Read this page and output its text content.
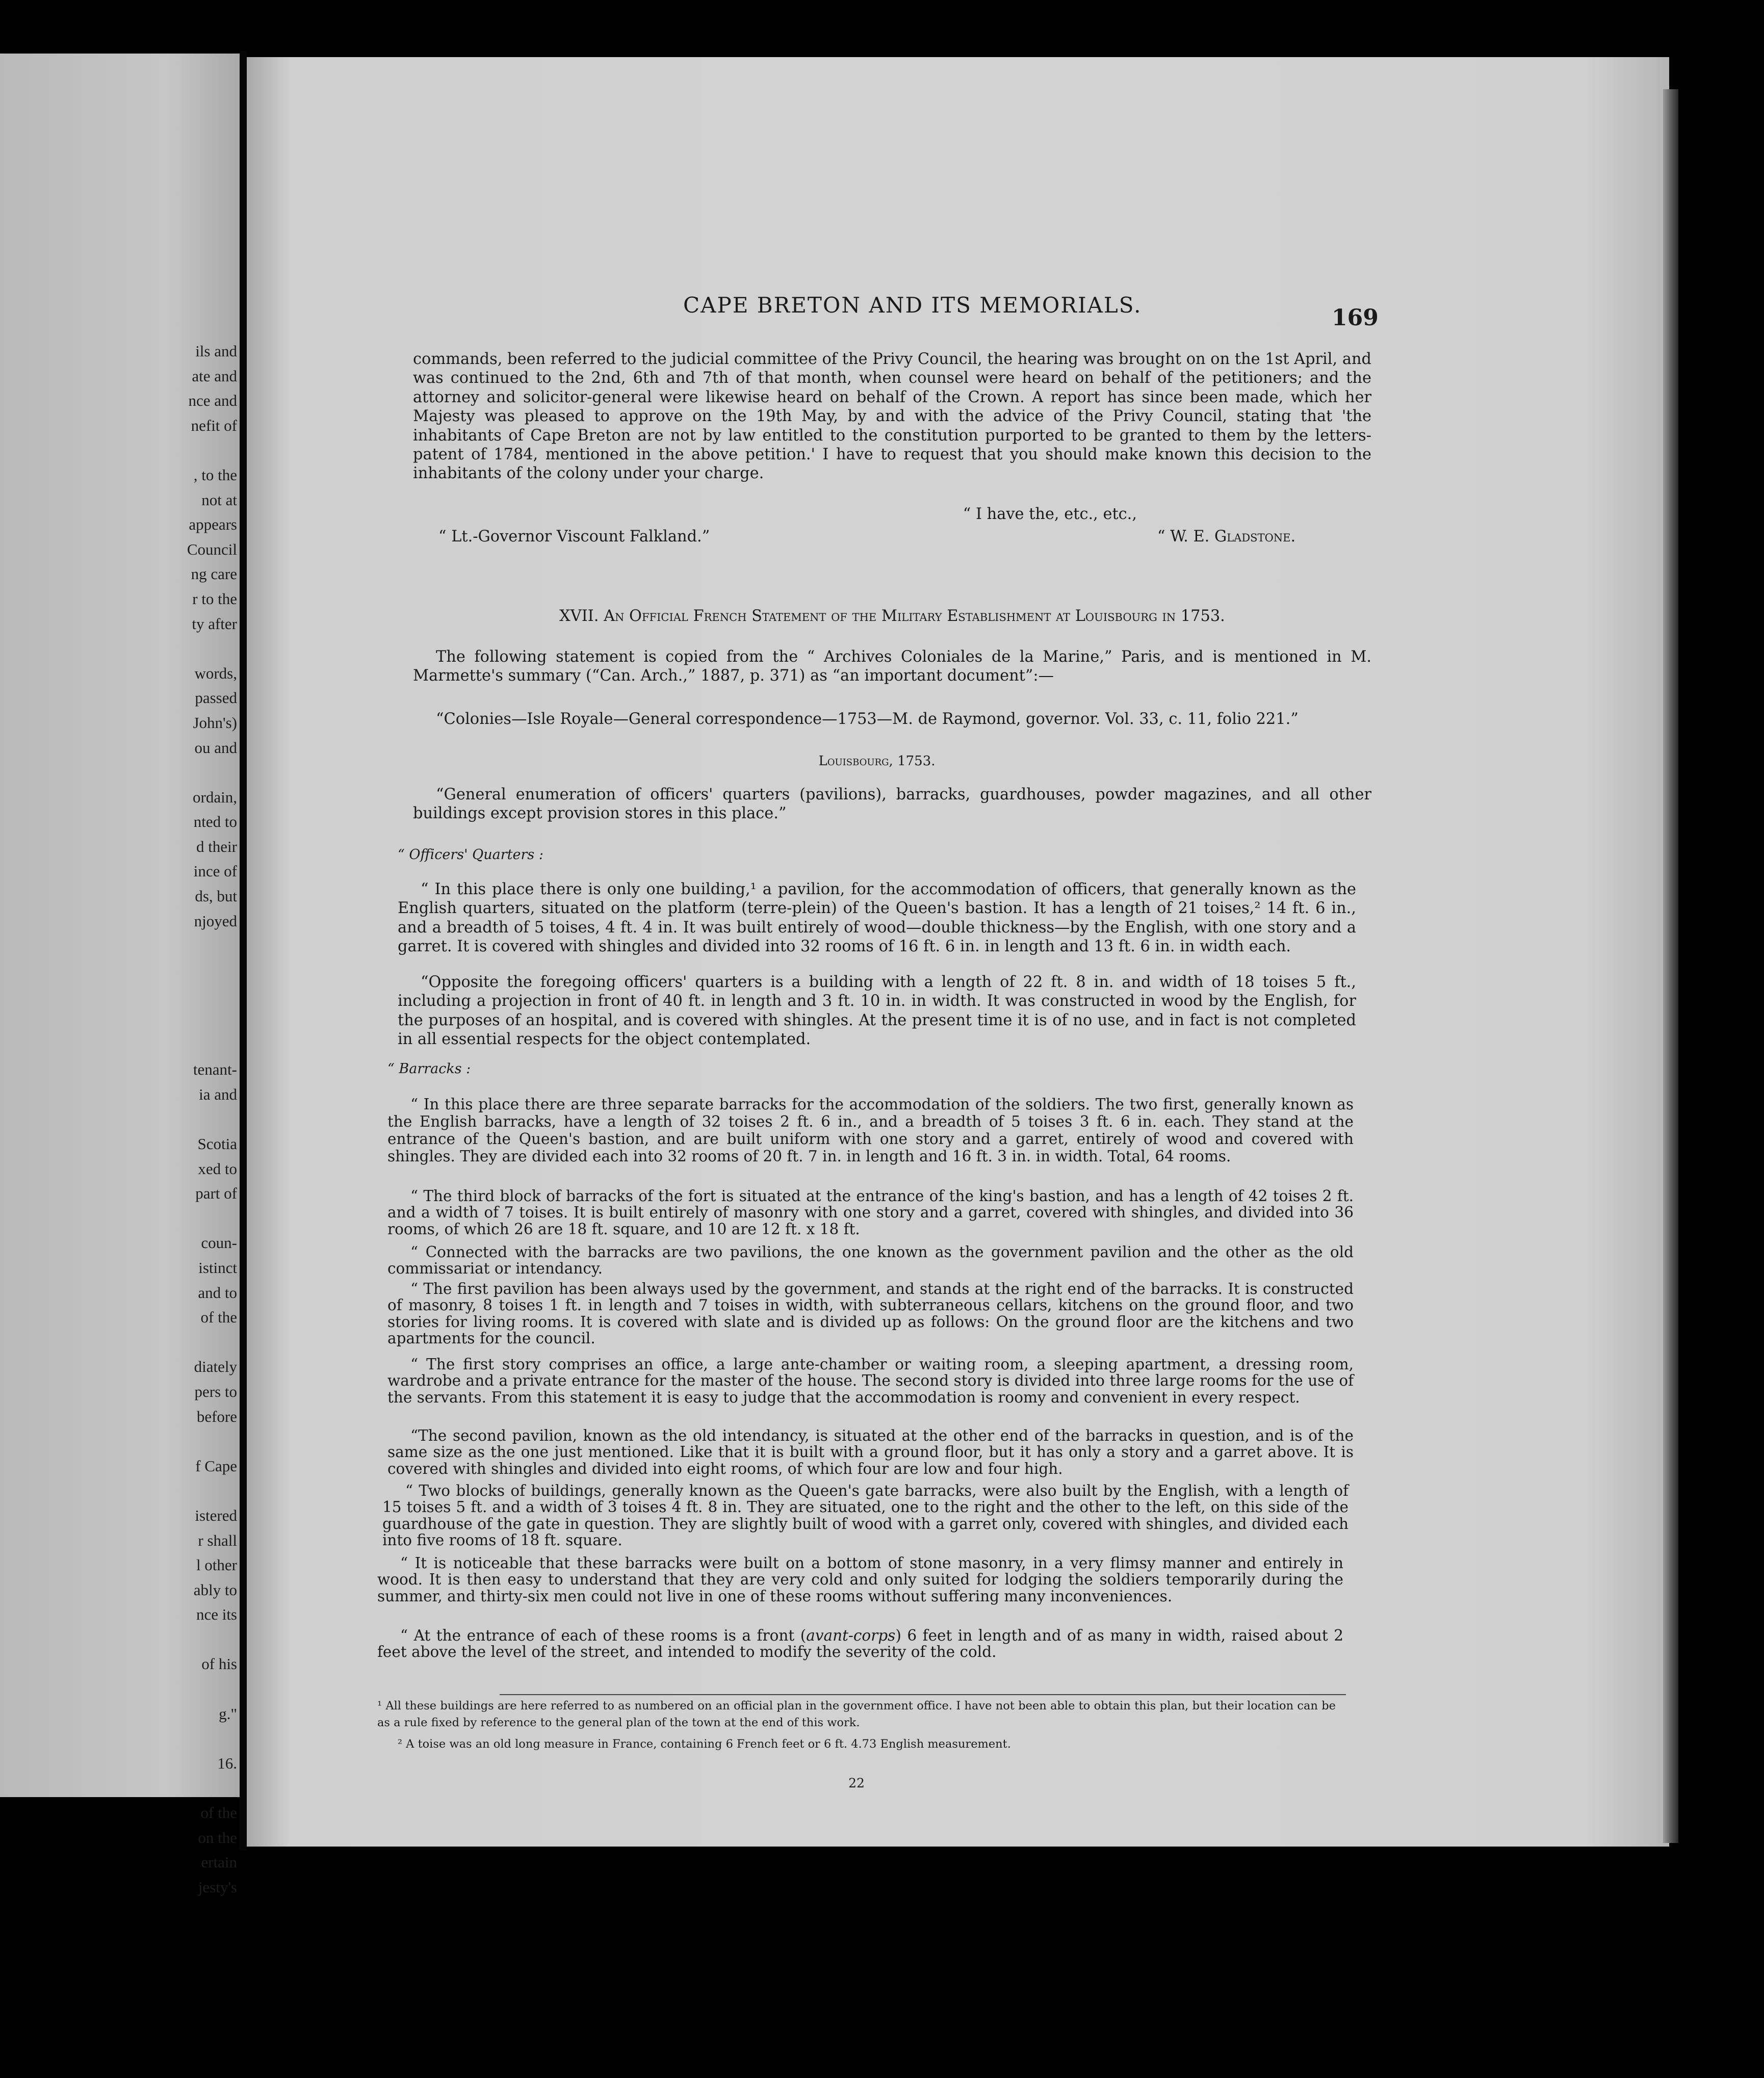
ils and
ate and
nce and
nefit of
, to the
not at
appears
Council
ng care
r to the
ty after
words,
passed
John's)
ou and
ordain,
nted to
d their
ince of
ds, but
njoyed
tenant-
ia and
Scotia
xed to
part of
coun-
istinct
and to
of the
diately
pers to
before
f Cape
istered
r shall
l other
ably to
nce its
of his
g."
16.
of the
on the
ertain
jesty's
CAPE BRETON AND ITS MEMORIALS.	169
commands, been referred to the judicial committee of the Privy Council, the hearing was brought on on the 1st April, and was continued to the 2nd, 6th and 7th of that month, when counsel were heard on behalf of the petitioners; and the attorney and solicitor-general were likewise heard on behalf of the Crown. A report has since been made, which her Majesty was pleased to approve on the 19th May, by and with the advice of the Privy Council, stating that 'the inhabitants of Cape Breton are not by law entitled to the constitution purported to be granted to them by the letters-patent of 1784, mentioned in the above petition.' I have to request that you should make known this decision to the inhabitants of the colony under your charge.
“ I have the, etc., etc.,
“ Lt.-Governor Viscount Falkland.”	“ W. E. Gladstone.
XVII. An Official French Statement of the Military Establishment at Louisbourg in 1753.
The following statement is copied from the “ Archives Coloniales de la Marine,” Paris, and is mentioned in M. Marmette's summary (“Can. Arch.,” 1887, p. 371) as “an important document”:—
“Colonies—Isle Royale—General correspondence—1753—M. de Raymond, governor. Vol. 33, c. 11, folio 221.”
Louisbourg, 1753.
“General enumeration of officers' quarters (pavilions), barracks, guardhouses, powder magazines, and all other buildings except provision stores in this place.”
“ Officers' Quarters :
“ In this place there is only one building,¹ a pavilion, for the accommodation of officers, that generally known as the English quarters, situated on the platform (terre-plein) of the Queen's bastion. It has a length of 21 toises,² 14 ft. 6 in., and a breadth of 5 toises, 4 ft. 4 in. It was built entirely of wood—double thickness—by the English, with one story and a garret. It is covered with shingles and divided into 32 rooms of 16 ft. 6 in. in length and 13 ft. 6 in. in width each.
“Opposite the foregoing officers' quarters is a building with a length of 22 ft. 8 in. and width of 18 toises 5 ft., including a projection in front of 40 ft. in length and 3 ft. 10 in. in width. It was constructed in wood by the English, for the purposes of an hospital, and is covered with shingles. At the present time it is of no use, and in fact is not completed in all essential respects for the object contemplated.
“ Barracks :
“ In this place there are three separate barracks for the accommodation of the soldiers. The two first, generally known as the English barracks, have a length of 32 toises 2 ft. 6 in., and a breadth of 5 toises 3 ft. 6 in. each. They stand at the entrance of the Queen's bastion, and are built uniform with one story and a garret, entirely of wood and covered with shingles. They are divided each into 32 rooms of 20 ft. 7 in. in length and 16 ft. 3 in. in width. Total, 64 rooms.
“ The third block of barracks of the fort is situated at the entrance of the king's bastion, and has a length of 42 toises 2 ft. and a width of 7 toises. It is built entirely of masonry with one story and a garret, covered with shingles, and divided into 36 rooms, of which 26 are 18 ft. square, and 10 are 12 ft. x 18 ft.
“ Connected with the barracks are two pavilions, the one known as the government pavilion and the other as the old commissariat or intendancy.
“ The first pavilion has been always used by the government, and stands at the right end of the barracks. It is constructed of masonry, 8 toises 1 ft. in length and 7 toises in width, with subterraneous cellars, kitchens on the ground floor, and two stories for living rooms. It is covered with slate and is divided up as follows: On the ground floor are the kitchens and two apartments for the council.
“ The first story comprises an office, a large ante-chamber or waiting room, a sleeping apartment, a dressing room, wardrobe and a private entrance for the master of the house. The second story is divided into three large rooms for the use of the servants. From this statement it is easy to judge that the accommodation is roomy and convenient in every respect.
“The second pavilion, known as the old intendancy, is situated at the other end of the barracks in question, and is of the same size as the one just mentioned. Like that it is built with a ground floor, but it has only a story and a garret above. It is covered with shingles and divided into eight rooms, of which four are low and four high.
“ Two blocks of buildings, generally known as the Queen's gate barracks, were also built by the English, with a length of 15 toises 5 ft. and a width of 3 toises 4 ft. 8 in. They are situated, one to the right and the other to the left, on this side of the guardhouse of the gate in question. They are slightly built of wood with a garret only, covered with shingles, and divided each into five rooms of 18 ft. square.
“ It is noticeable that these barracks were built on a bottom of stone masonry, in a very flimsy manner and entirely in wood. It is then easy to understand that they are very cold and only suited for lodging the soldiers temporarily during the summer, and thirty-six men could not live in one of these rooms without suffering many inconveniences.
“ At the entrance of each of these rooms is a front (avant-corps) 6 feet in length and of as many in width, raised about 2 feet above the level of the street, and intended to modify the severity of the cold.
¹ All these buildings are here referred to as numbered on an official plan in the government office. I have not been able to obtain this plan, but their location can be as a rule fixed by reference to the general plan of the town at the end of this work.
² A toise was an old long measure in France, containing 6 French feet or 6 ft. 4.73 English measurement.
22
